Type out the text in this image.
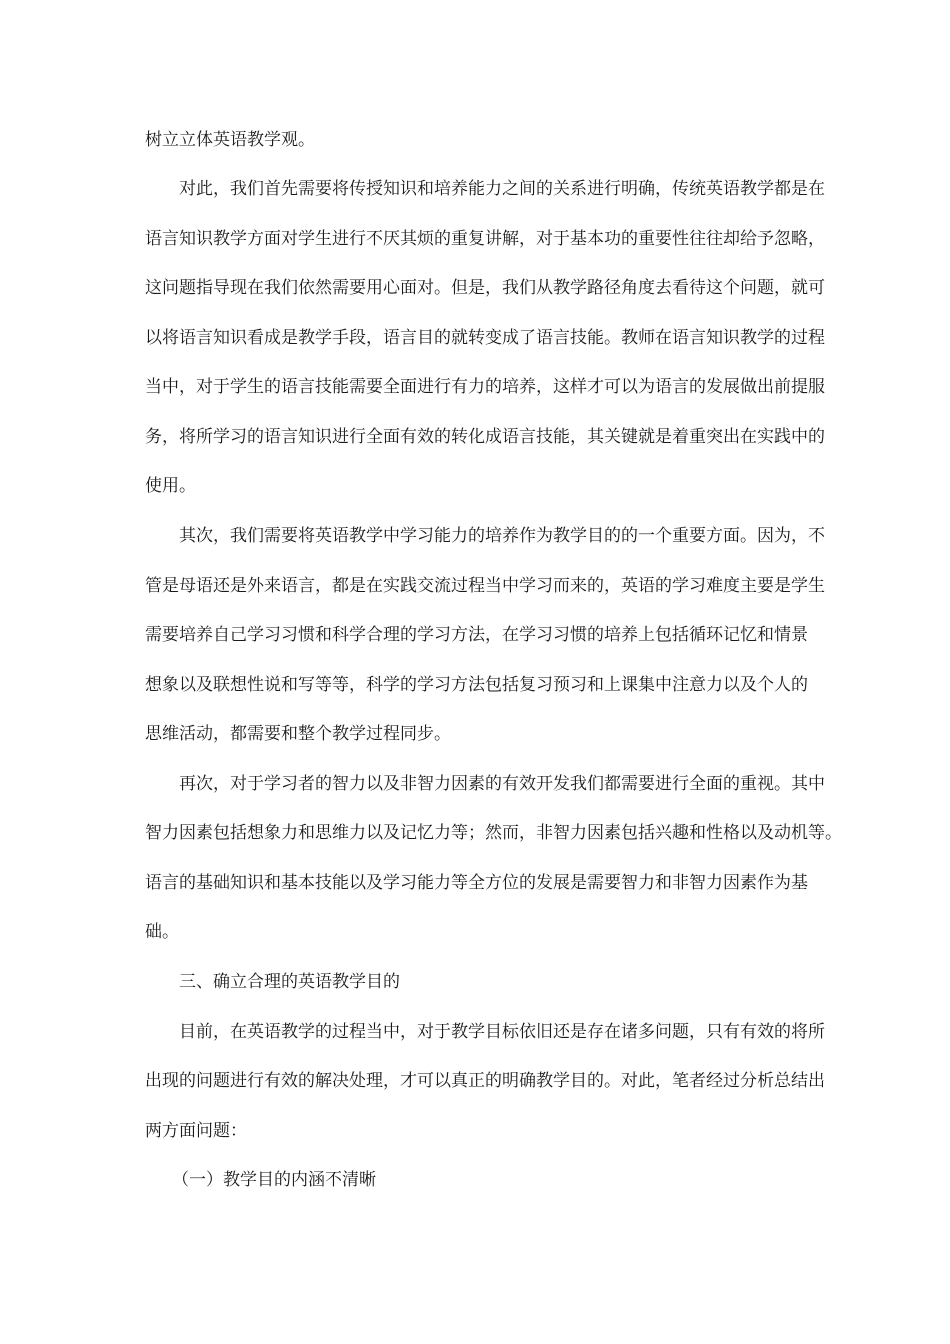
树立立体英语教学观。
对此，我们首先需要将传授知识和培养能力之间的关系进行明确，传统英语教学都是在
语言知识教学方面对学生进行不厌其烦的重复讲解，对于基本功的重要性往往却给予忽略，
这问题指导现在我们依然需要用心面对。但是，我们从教学路径角度去看待这个问题，就可
以将语言知识看成是教学手段，语言目的就转变成了语言技能。教师在语言知识教学的过程
当中，对于学生的语言技能需要全面进行有力的培养，这样才可以为语言的发展做出前提服
务，将所学习的语言知识进行全面有效的转化成语言技能，其关键就是着重突出在实践中的
使用。
其次，我们需要将英语教学中学习能力的培养作为教学目的的一个重要方面。因为，不
管是母语还是外来语言，都是在实践交流过程当中学习而来的，英语的学习难度主要是学生
需要培养自己学习习惯和科学合理的学习方法，在学习习惯的培养上包括循环记忆和情景
想象以及联想性说和写等等，科学的学习方法包括复习预习和上课集中注意力以及个人的
思维活动，都需要和整个教学过程同步。
再次，对于学习者的智力以及非智力因素的有效开发我们都需要进行全面的重视。其中
智力因素包括想象力和思维力以及记忆力等；然而，非智力因素包括兴趣和性格以及动机等。
语言的基础知识和基本技能以及学习能力等全方位的发展是需要智力和非智力因素作为基
础。
三、确立合理的英语教学目的
目前，在英语教学的过程当中，对于教学目标依旧还是存在诸多问题，只有有效的将所
出现的问题进行有效的解决处理，才可以真正的明确教学目的。对此，笔者经过分析总结出
两方面问题：
（一）教学目的内涵不清晰
